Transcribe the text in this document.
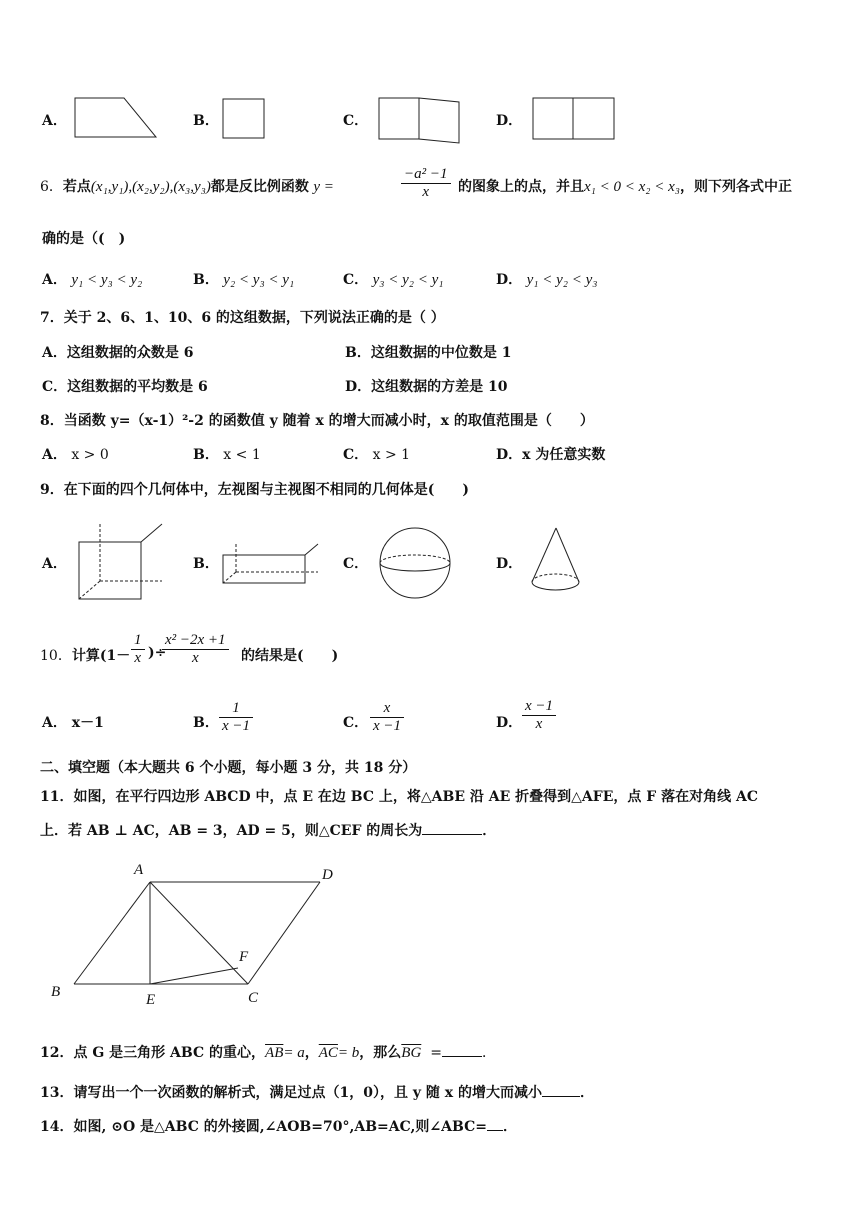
A．	B．	C．	D．
6．若点(x₁,y₁),(x₂,y₂),(x₃,y₃)都是反比例函数 y =	$\frac{\text{−a² −1}}{x}$ 的图象上的点，并且x₁ < 0 < x₂ < x₃，则下列各式中正
确的是（(　)
A． y₁ < y₃ < y₂	B． y₂ < y₃ < y₁	C． y₃ < y₂ < y₁	D． y₁ < y₂ < y₃
7．关于 2、6、1、10、6 的这组数据，下列说法正确的是（ ）
A．这组数据的众数是 6	B．这组数据的中位数是 1
C．这组数据的平均数是 6	D．这组数据的方差是 10
8．当函数 y=（x-1）²-2 的函数值 y 随着 x 的增大而减小时，x 的取值范围是（　　）
A． x > 0	B． x < 1	C． x > 1	D．x 为任意实数
9．在下面的四个几何体中，左视图与主视图不相同的几何体是(　　)
A．	B．	C．	D．
10．计算($1- \frac{1}{x}$ )÷
$\frac{\text{x² −2x +1}}{x}$ 的结果是(　　)
A． x－1	B． $\frac{1}{x -1}$	C． $\frac{x}{x -1}$	D． $\frac{x -1}{x}$
二、填空题（本大题共 6 个小题，每小题 3 分，共 18 分）
11．如图，在平行四边形 ABCD 中，点 E 在边 BC 上，将△ABE 沿 AE 折叠得到△AFE，点 F 落在对角线 AC
上．若 AB ⊥ AC，AB = 3，AD = 5，则△CEF 的周长为	．
A	D
B	E	C
F
12．点 G 是三角形 ABC 的重心，$\overline{AB}= a$，$\overline{AC}= b$，那么$\overline{BG}$ =	．
13．请写出一个一次函数的解析式，满足过点（1，0），且 y 随 x 的增大而减小	．
14．如图, ⊙O 是△ABC 的外接圆,∠AOB=70°,AB=AC,则∠ABC= ．
